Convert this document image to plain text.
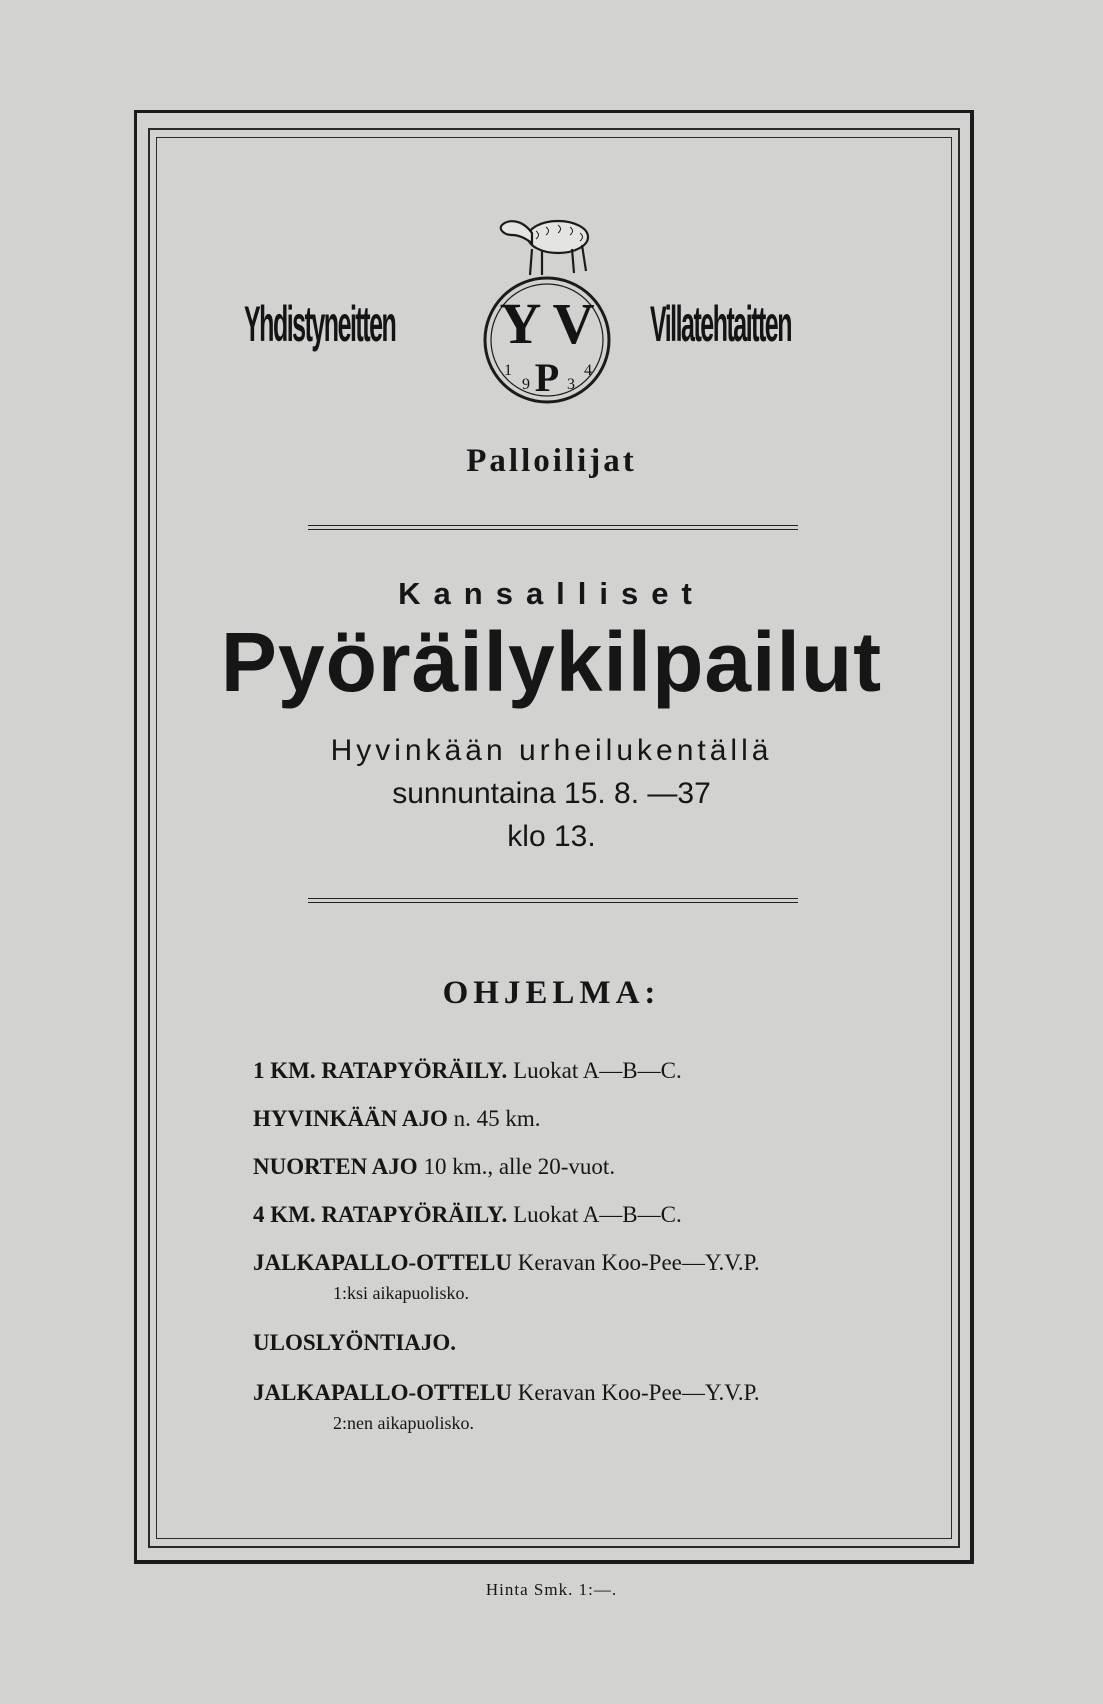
Yhdistyneitten Y V
P
1
9 3
4
Villatehtaitten
Palloilijat
Kansalliset
Pyöräilykilpailut
Hyvinkään urheilukentällä
sunnuntaina 15. 8. —37
klo 13.
OHJELMA:
1 KM. RATAPYÖRÄILY. Luokat A—B—C.
HYVINKÄÄN AJO n. 45 km.
NUORTEN AJO 10 km., alle 20-vuot.
4 KM. RATAPYÖRÄILY. Luokat A—B—C.
JALKAPALLO-OTTELU Keravan Koo-Pee—Y.V.P.
1:ksi aikapuolisko.
ULOSLYÖNTIAJO.
JALKAPALLO-OTTELU Keravan Koo-Pee—Y.V.P.
2:nen aikapuolisko.
Hinta Smk. 1:—.
